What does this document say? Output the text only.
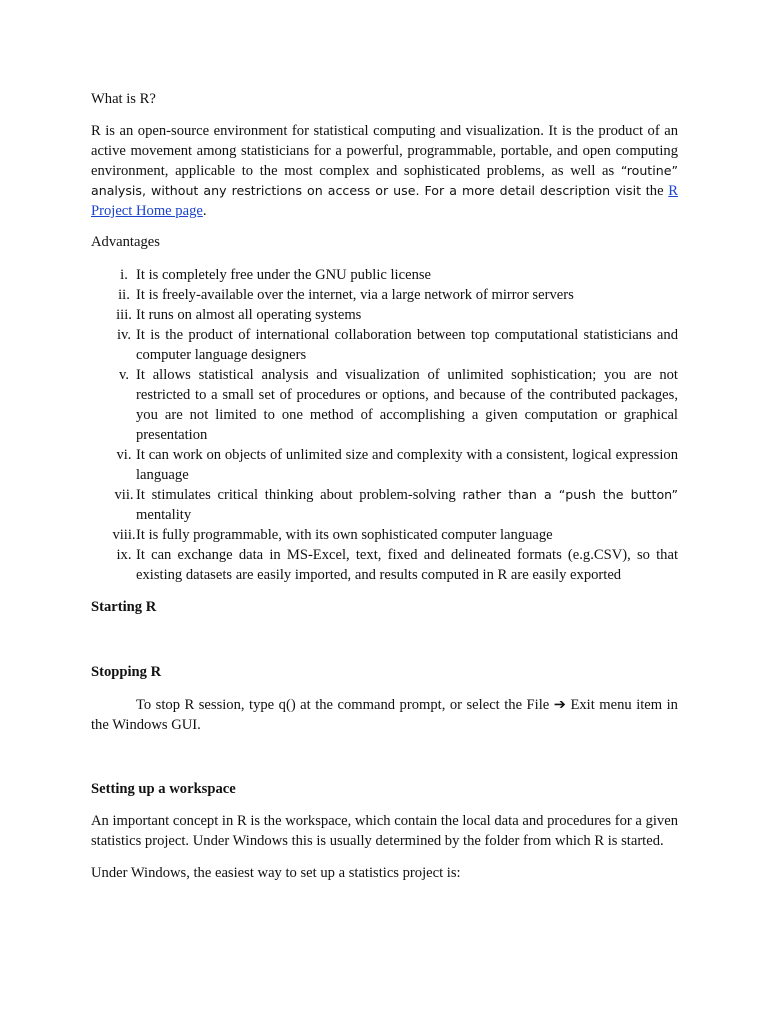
What is R?

R is an open-source environment for statistical computing and visualization. It is the product of an active movement among statisticians for a powerful, programmable, portable, and open computing environment, applicable to the most complex and sophisticated problems, as well as “routine” analysis, without any restrictions on access or use. For a more detail description visit the R Project Home page.

Advantages

i. It is completely free under the GNU public license
ii. It is freely-available over the internet, via a large network of mirror servers
iii. It runs on almost all operating systems
iv. It is the product of international collaboration between top computational statisticians and computer language designers
v. It allows statistical analysis and visualization of unlimited sophistication; you are not restricted to a small set of procedures or options, and because of the contributed packages, you are not limited to one method of accomplishing a given computation or graphical presentation
vi. It can work on objects of unlimited size and complexity with a consistent, logical expression language
vii. It stimulates critical thinking about problem-solving rather than a “push the button” mentality
viii. It is fully programmable, with its own sophisticated computer language
ix. It can exchange data in MS-Excel, text, fixed and delineated formats (e.g.CSV), so that existing datasets are easily imported, and results computed in R are easily exported
Starting R
Stopping R

To stop R session, type q() at the command prompt, or select the File ➔ Exit menu item in the Windows GUI.

Setting up a workspace

An important concept in R is the workspace, which contain the local data and procedures for a given statistics project. Under Windows this is usually determined by the folder from which R is started.

Under Windows, the easiest way to set up a statistics project is:
